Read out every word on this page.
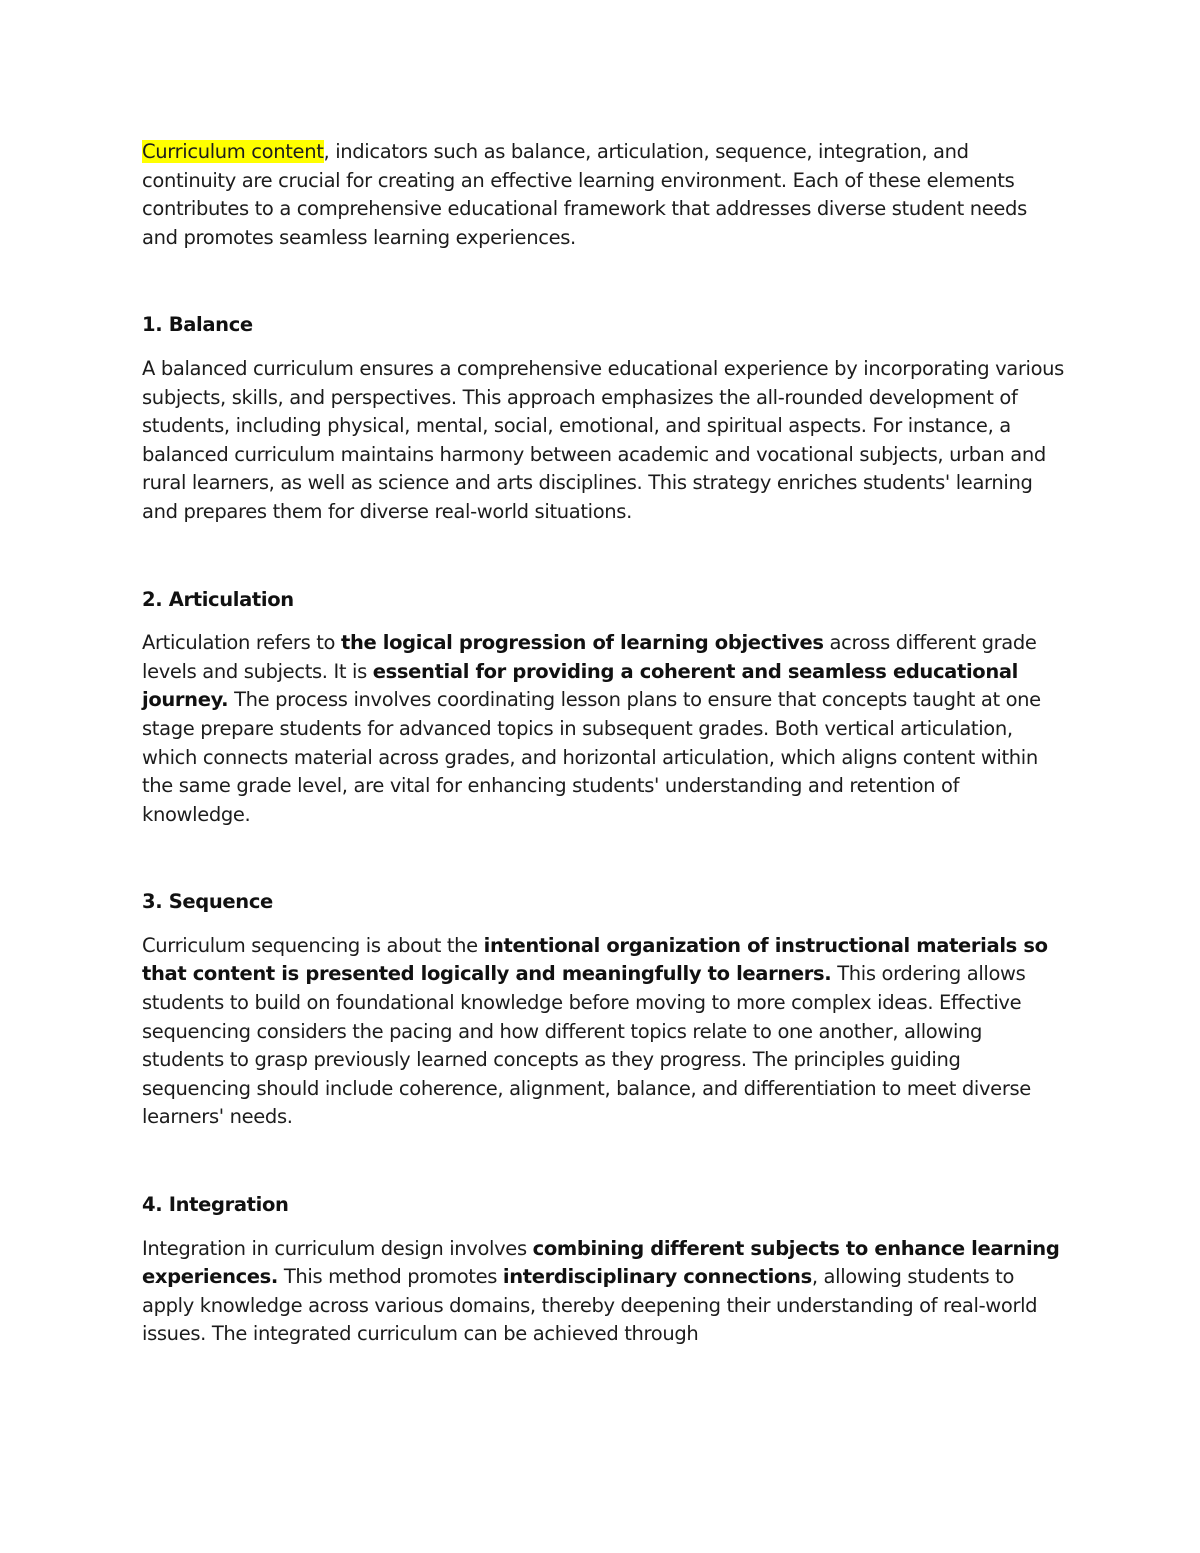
Curriculum content, indicators such as balance, articulation, sequence, integration, and continuity are crucial for creating an effective learning environment. Each of these elements contributes to a comprehensive educational framework that addresses diverse student needs and promotes seamless learning experiences.

1. Balance

A balanced curriculum ensures a comprehensive educational experience by incorporating various subjects, skills, and perspectives. This approach emphasizes the all-rounded development of students, including physical, mental, social, emotional, and spiritual aspects. For instance, a balanced curriculum maintains harmony between academic and vocational subjects, urban and rural learners, as well as science and arts disciplines. This strategy enriches students' learning and prepares them for diverse real-world situations.

2. Articulation

Articulation refers to the logical progression of learning objectives across different grade levels and subjects. It is essential for providing a coherent and seamless educational journey. The process involves coordinating lesson plans to ensure that concepts taught at one stage prepare students for advanced topics in subsequent grades. Both vertical articulation, which connects material across grades, and horizontal articulation, which aligns content within the same grade level, are vital for enhancing students' understanding and retention of knowledge.

3. Sequence

Curriculum sequencing is about the intentional organization of instructional materials so that content is presented logically and meaningfully to learners. This ordering allows students to build on foundational knowledge before moving to more complex ideas. Effective sequencing considers the pacing and how different topics relate to one another, allowing students to grasp previously learned concepts as they progress. The principles guiding sequencing should include coherence, alignment, balance, and differentiation to meet diverse learners' needs.

4. Integration

Integration in curriculum design involves combining different subjects to enhance learning experiences. This method promotes interdisciplinary connections, allowing students to apply knowledge across various domains, thereby deepening their understanding of real-world issues. The integrated curriculum can be achieved through
